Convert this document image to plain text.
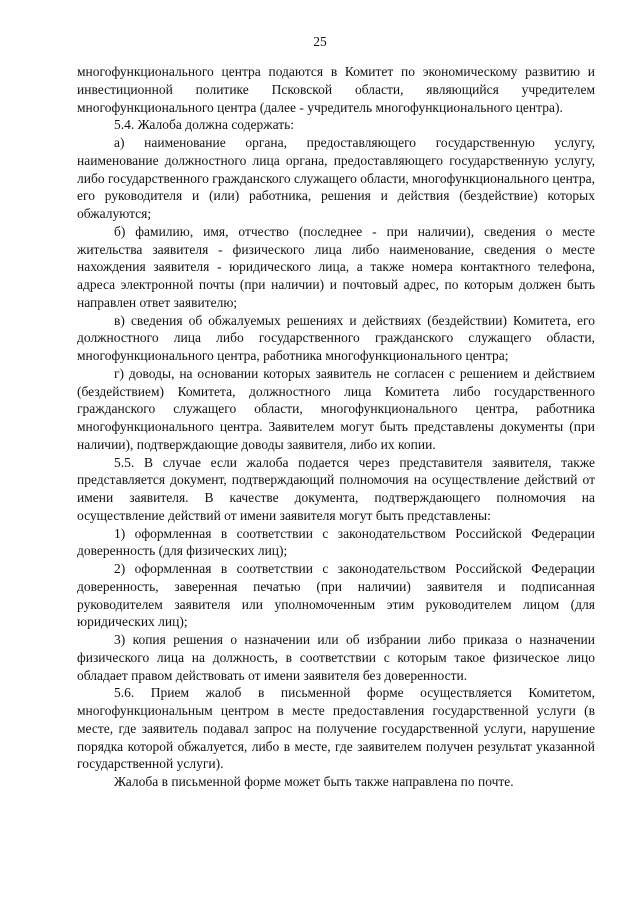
25

многофункционального центра подаются в Комитет по экономическому развитию и инвестиционной политике Псковской области, являющийся учредителем многофункционального центра (далее - учредитель многофункционального центра).

5.4. Жалоба должна содержать:

а) наименование органа, предоставляющего государственную услугу, наименование должностного лица органа, предоставляющего государственную услугу, либо государственного гражданского служащего области, многофункционального центра, его руководителя и (или) работника, решения и действия (бездействие) которых обжалуются;

б) фамилию, имя, отчество (последнее - при наличии), сведения о месте жительства заявителя - физического лица либо наименование, сведения о месте нахождения заявителя - юридического лица, а также номера контактного телефона, адреса электронной почты (при наличии) и почтовый адрес, по которым должен быть направлен ответ заявителю;

в) сведения об обжалуемых решениях и действиях (бездействии) Комитета, его должностного лица либо государственного гражданского служащего области, многофункционального центра, работника многофункционального центра;

г) доводы, на основании которых заявитель не согласен с решением и действием (бездействием) Комитета, должностного лица Комитета либо государственного гражданского служащего области, многофункционального центра, работника многофункционального центра. Заявителем могут быть представлены документы (при наличии), подтверждающие доводы заявителя, либо их копии.

5.5. В случае если жалоба подается через представителя заявителя, также представляется документ, подтверждающий полномочия на осуществление действий от имени заявителя. В качестве документа, подтверждающего полномочия на осуществление действий от имени заявителя могут быть представлены:

1) оформленная в соответствии с законодательством Российской Федерации доверенность (для физических лиц);

2) оформленная в соответствии с законодательством Российской Федерации доверенность, заверенная печатью (при наличии) заявителя и подписанная руководителем заявителя или уполномоченным этим руководителем лицом (для юридических лиц);

3) копия решения о назначении или об избрании либо приказа о назначении физического лица на должность, в соответствии с которым такое физическое лицо обладает правом действовать от имени заявителя без доверенности.

5.6. Прием жалоб в письменной форме осуществляется Комитетом, многофункциональным центром в месте предоставления государственной услуги (в месте, где заявитель подавал запрос на получение государственной услуги, нарушение порядка которой обжалуется, либо в месте, где заявителем получен результат указанной государственной услуги).

Жалоба в письменной форме может быть также направлена по почте.
